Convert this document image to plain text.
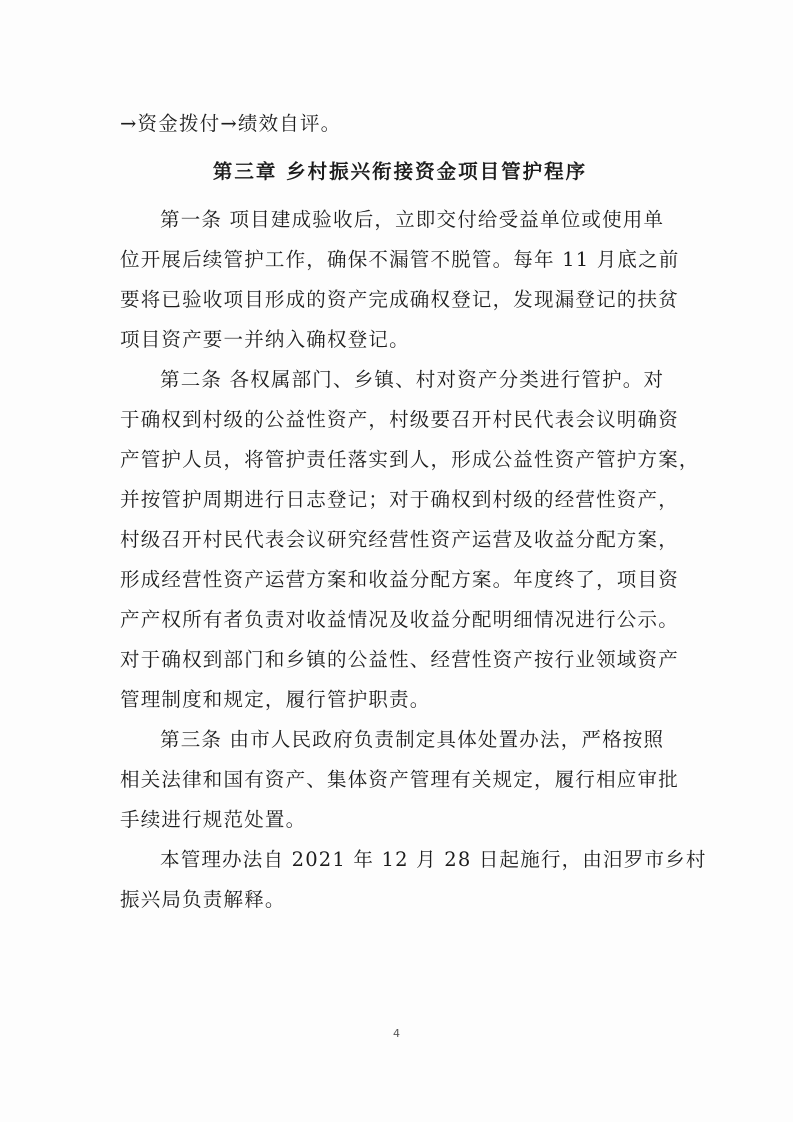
→资金拨付→绩效自评。
第三章 乡村振兴衔接资金项目管护程序
第一条 项目建成验收后，立即交付给受益单位或使用单
位开展后续管护工作，确保不漏管不脱管。每年 11 月底之前
要将已验收项目形成的资产完成确权登记，发现漏登记的扶贫
项目资产要一并纳入确权登记。
第二条 各权属部门、乡镇、村对资产分类进行管护。对
于确权到村级的公益性资产，村级要召开村民代表会议明确资
产管护人员，将管护责任落实到人，形成公益性资产管护方案，
并按管护周期进行日志登记；对于确权到村级的经营性资产，
村级召开村民代表会议研究经营性资产运营及收益分配方案，
形成经营性资产运营方案和收益分配方案。年度终了，项目资
产产权所有者负责对收益情况及收益分配明细情况进行公示。
对于确权到部门和乡镇的公益性、经营性资产按行业领域资产
管理制度和规定，履行管护职责。
第三条 由市人民政府负责制定具体处置办法，严格按照
相关法律和国有资产、集体资产管理有关规定，履行相应审批
手续进行规范处置。
本管理办法自 2021 年 12 月 28 日起施行，由汨罗市乡村
振兴局负责解释。
4
